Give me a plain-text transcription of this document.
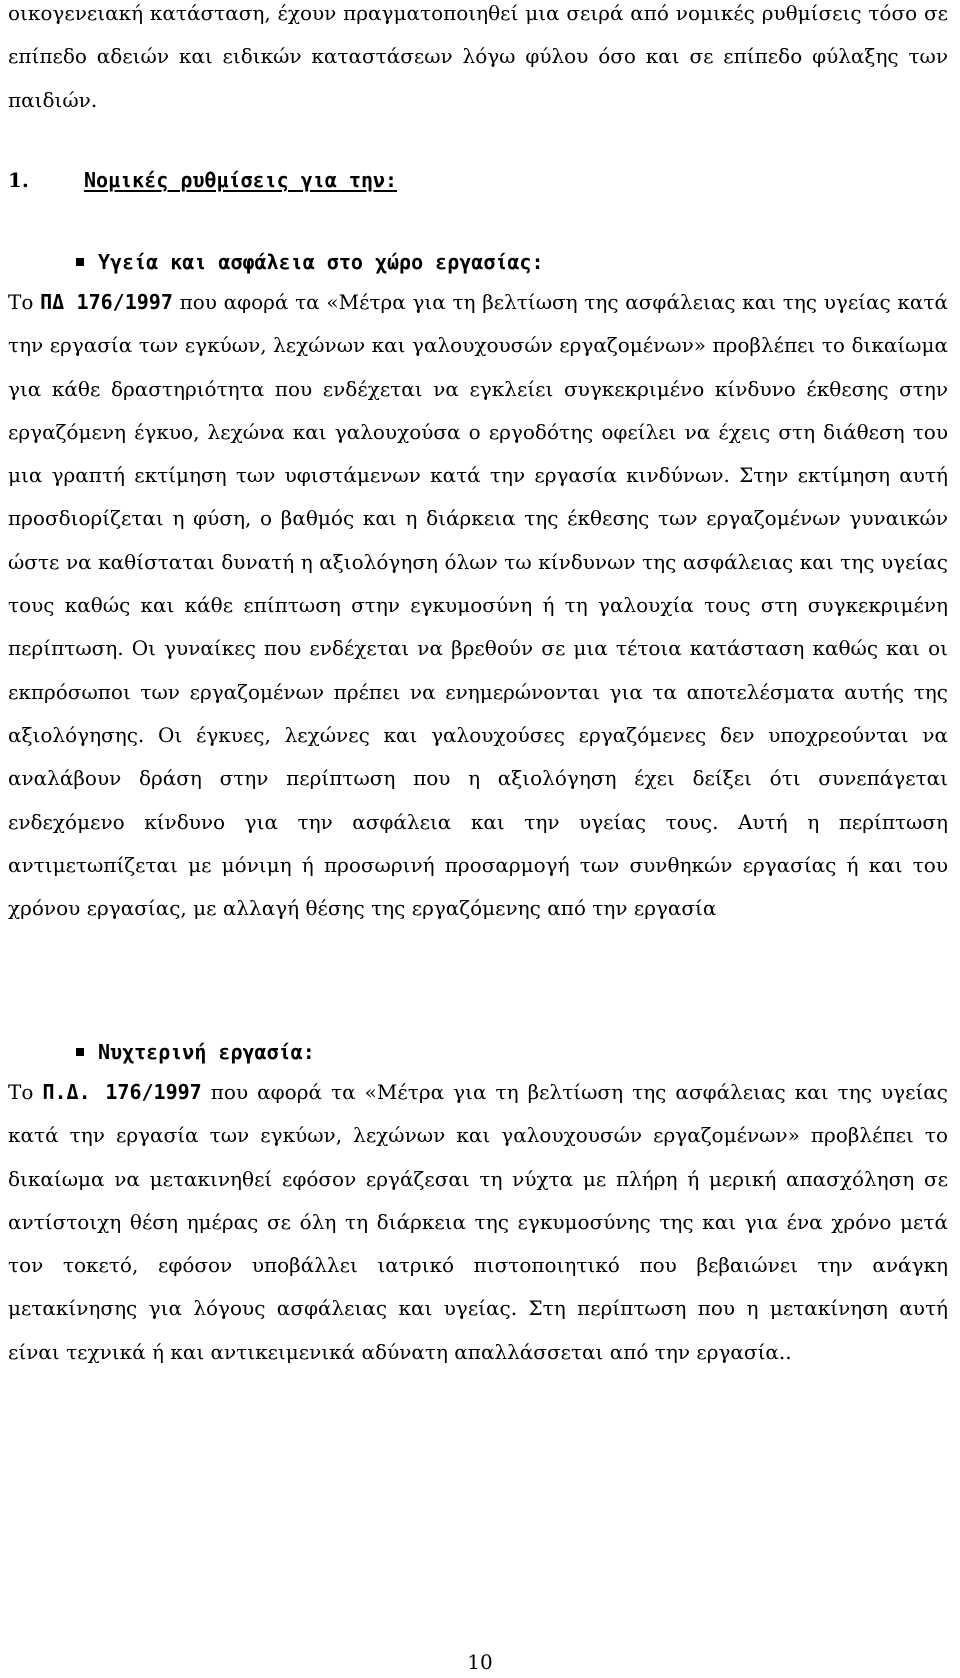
οικογενειακή κατάσταση, έχουν πραγματοποιηθεί μια σειρά από νομικές ρυθμίσεις τόσο σε επίπεδο αδειών και ειδικών καταστάσεων λόγω φύλου όσο και σε επίπεδο φύλαξης των παιδιών.

1.	Νομικές ρυθμίσεις για την:
Υγεία και ασφάλεια στο χώρο εργασίας:

Το ΠΔ 176/1997 που αφορά τα «Μέτρα για τη βελτίωση της ασφάλειας και της υγείας κατά την εργασία των εγκύων, λεχώνων και γαλουχουσών εργαζομένων» προβλέπει το δικαίωμα για κάθε δραστηριότητα που ενδέχεται να εγκλείει συγκεκριμένο κίνδυνο έκθεσης στην εργαζόμενη έγκυο, λεχώνα και γαλουχούσα ο εργοδότης οφείλει να έχεις στη διάθεση του μια γραπτή εκτίμηση των υφιστάμενων κατά την εργασία κινδύνων. Στην εκτίμηση αυτή προσδιορίζεται η φύση, ο βαθμός και η διάρκεια της έκθεσης των εργαζομένων γυναικών ώστε να καθίσταται δυνατή η αξιολόγηση όλων τω κίνδυνων της ασφάλειας και της υγείας τους καθώς και κάθε επίπτωση στην εγκυμοσύνη ή τη γαλουχία τους στη συγκεκριμένη περίπτωση. Οι γυναίκες που ενδέχεται να βρεθούν σε μια τέτοια κατάσταση καθώς και οι εκπρόσωποι των εργαζομένων πρέπει να ενημερώνονται για τα αποτελέσματα αυτής της αξιολόγησης. Οι έγκυες, λεχώνες και γαλουχούσες εργαζόμενες δεν υποχρεούνται να αναλάβουν δράση στην περίπτωση που η αξιολόγηση έχει δείξει ότι συνεπάγεται ενδεχόμενο κίνδυνο για την ασφάλεια και την υγείας τους. Αυτή η περίπτωση αντιμετωπίζεται με μόνιμη ή προσωρινή προσαρμογή των συνθηκών εργασίας ή και του χρόνου εργασίας, με αλλαγή θέσης της εργαζόμενης από την εργασία

Νυχτερινή εργασία:

Το Π.Δ. 176/1997 που αφορά τα «Μέτρα για τη βελτίωση της ασφάλειας και της υγείας κατά την εργασία των εγκύων, λεχώνων και γαλουχουσών εργαζομένων» προβλέπει το δικαίωμα να μετακινηθεί εφόσον εργάζεσαι τη νύχτα με πλήρη ή μερική απασχόληση σε αντίστοιχη θέση ημέρας σε όλη τη διάρκεια της εγκυμοσύνης της και για ένα χρόνο μετά τον τοκετό, εφόσον υποβάλλει ιατρικό πιστοποιητικό που βεβαιώνει την ανάγκη μετακίνησης για λόγους ασφάλειας και υγείας. Στη περίπτωση που η μετακίνηση αυτή είναι τεχνικά ή και αντικειμενικά αδύνατη απαλλάσσεται από την εργασία..

10
